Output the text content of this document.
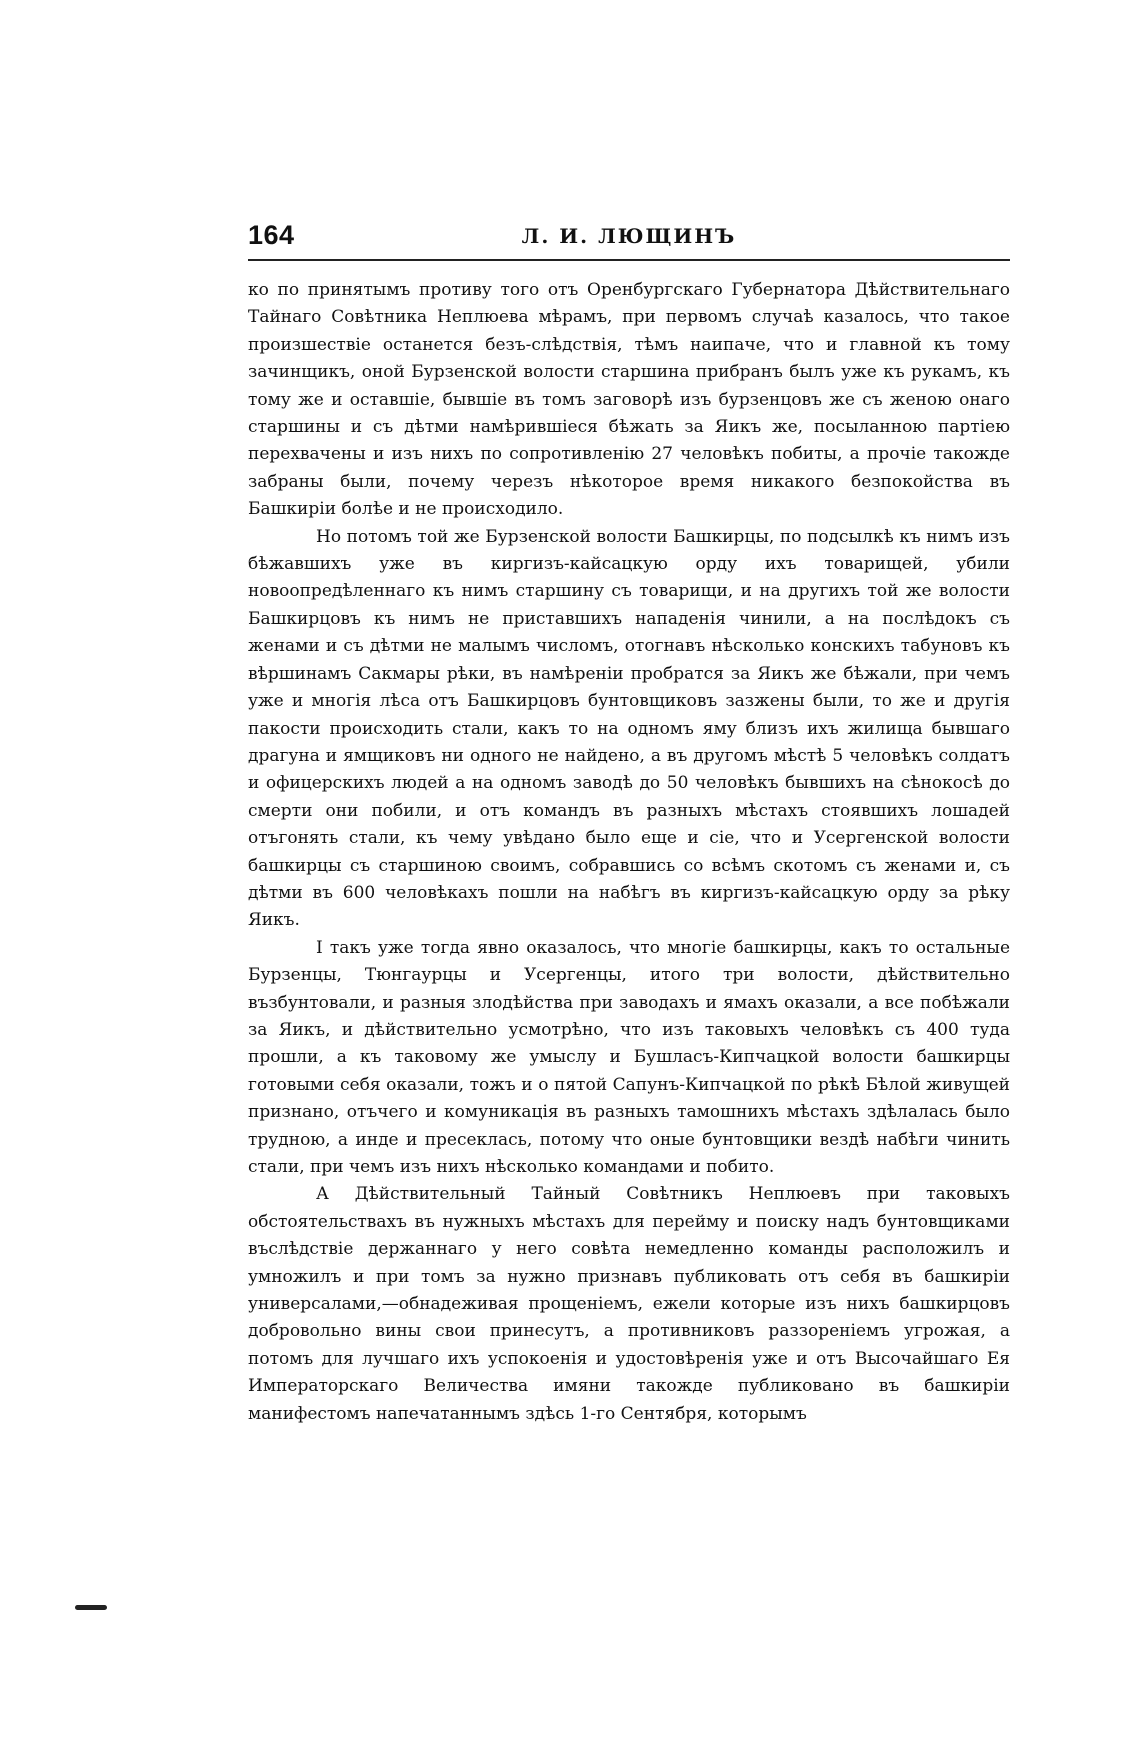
164	Л. И. ЛЮЩИНЪ

ко по принятымъ противу того отъ Оренбургскаго Губернатора Дѣйствительнаго Тайнаго Совѣтника Неплюева мѣрамъ, при первомъ случаѣ казалось, что такое произшествіе останется безъ-слѣдствія, тѣмъ наипаче, что и главной къ тому зачинщикъ, оной Бурзенской волости старшина прибранъ былъ уже къ рукамъ, къ тому же и оставшіе, бывшіе въ томъ заговорѣ изъ бурзенцовъ же съ женою онаго старшины и съ дѣтми намѣрившіеся бѣжать за Яикъ же, посыланною партіею перехвачены и изъ нихъ по сопротивленію 27 человѣкъ побиты, а прочіе такожде забраны были, почему черезъ нѣкоторое время никакого безпокойства въ Башкиріи болѣе и не происходило.

Но потомъ той же Бурзенской волости Башкирцы, по подсылкѣ къ нимъ изъ бѣжавшихъ уже въ киргизъ-кайсацкую орду ихъ товарищей, убили новоопредѣленнаго къ нимъ старшину съ товарищи, и на другихъ той же волости Башкирцовъ къ нимъ не приставшихъ нападенія чинили, а на послѣдокъ съ женами и съ дѣтми не малымъ числомъ, отогнавъ нѣсколько конскихъ табуновъ къ вѣршинамъ Сакмары рѣки, въ намѣреніи пробратся за Яикъ же бѣжали, при чемъ уже и многія лѣса отъ Башкирцовъ бунтовщиковъ зазжены были, то же и другія пакости происходить стали, какъ то на одномъ яму близъ ихъ жилища бывшаго драгуна и ямщиковъ ни одного не найдено, а въ другомъ мѣстѣ 5 человѣкъ солдатъ и офицерскихъ людей а на одномъ заводѣ до 50 человѣкъ бывшихъ на сѣнокосѣ до смерти они побили, и отъ командъ въ разныхъ мѣстахъ стоявшихъ лошадей отъгонять стали, къ чему увѣдано было еще и сіе, что и Усергенской волости башкирцы съ старшиною своимъ, собравшись со всѣмъ скотомъ съ женами и, съ дѣтми въ 600 человѣкахъ пошли на набѣгъ въ киргизъ-кайсацкую орду за рѣку Яикъ.

І такъ уже тогда явно оказалось, что многіе башкирцы, какъ то остальные Бурзенцы, Тюнгаурцы и Усергенцы, итого три волости, дѣйствительно възбунтовали, и разныя злодѣйства при заводахъ и ямахъ оказали, а все побѣжали за Яикъ, и дѣйствительно усмотрѣно, что изъ таковыхъ человѣкъ съ 400 туда прошли, а къ таковому же умыслу и Бушласъ-Кипчацкой волости башкирцы готовыми себя оказали, тожъ и о пятой Сапунъ-Кипчацкой по рѣкѣ Бѣлой живущей признано, отъчего и комуникація въ разныхъ тамошнихъ мѣстахъ здѣлалась было трудною, а инде и пресеклась, потому что оные бунтовщики вездѣ набѣги чинить стали, при чемъ изъ нихъ нѣсколько командами и побито.

А Дѣйствительный Тайный Совѣтникъ Неплюевъ при таковыхъ обстоятельствахъ въ нужныхъ мѣстахъ для перейму и поиску надъ бунтовщиками въслѣдствіе держаннаго у него совѣта немедленно команды расположилъ и умножилъ и при томъ за нужно признавъ публиковать отъ себя въ башкиріи универсалами,—обнадеживая прощеніемъ, ежели которые изъ нихъ башкирцовъ добровольно вины свои принесутъ, а противниковъ раззореніемъ угрожая, а потомъ для лучшаго ихъ успокоенія и удостовѣренія уже и отъ Высочайшаго Ея Императорскаго Величества имяни такожде публиковано въ башкиріи манифестомъ напечатаннымъ здѣсь 1-го Сентября, которымъ
